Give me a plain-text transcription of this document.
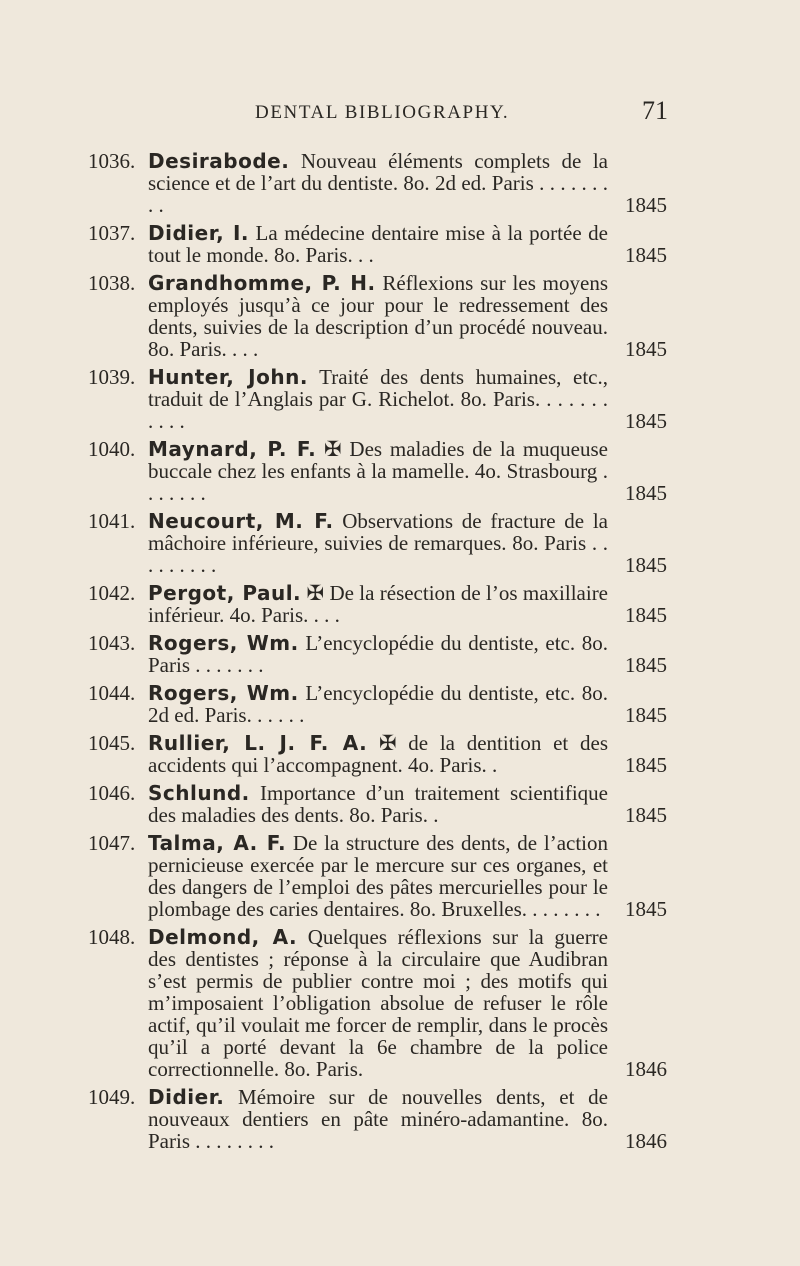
DENTAL BIBLIOGRAPHY.	71
1036. Desirabode. Nouveau éléments complets de la science et de l’art du dentiste. 8o. 2d ed. Paris . . . . . . . . .	1845
1037. Didier, I. La médecine dentaire mise à la portée de tout le monde. 8o. Paris. . .	1845
1038. Grandhomme, P. H. Réflexions sur les moyens employés jusqu’à ce jour pour le redressement des dents, suivies de la description d’un procédé nouveau. 8o. Paris. . . .	1845
1039. Hunter, John. Traité des dents humaines, etc., traduit de l’Anglais par G. Richelot. 8o. Paris. . . . . . . . . . .	1845
1040. Maynard, P. F. ✠ Des maladies de la muqueuse buccale chez les enfants à la mamelle. 4o. Strasbourg . . . . . . .	1845
1041. Neucourt, M. F. Observations de fracture de la mâchoire inférieure, suivies de remarques. 8o. Paris . . . . . . . . .	1845
1042. Pergot, Paul. ✠ De la résection de l’os maxillaire inférieur. 4o. Paris. . . .	1845
1043. Rogers, Wm. L’encyclopédie du dentiste, etc. 8o. Paris . . . . . . .	1845
1044. Rogers, Wm. L’encyclopédie du dentiste, etc. 8o. 2d ed. Paris. . . . . .	1845
1045. Rullier, L. J. F. A. ✠ de la dentition et des accidents qui l’accompagnent. 4o. Paris. .	1845
1046. Schlund. Importance d’un traitement scientifique des maladies des dents. 8o. Paris. .	1845
1047. Talma, A. F. De la structure des dents, de l’action pernicieuse exercée par le mercure sur ces organes, et des dangers de l’emploi des pâtes mercurielles pour le plombage des caries dentaires. 8o. Bruxelles. . . . . . . .	1845
1048. Delmond, A. Quelques réflexions sur la guerre des dentistes ; réponse à la circulaire que Audibran s’est permis de publier contre moi ; des motifs qui m’imposaient l’obligation absolue de refuser le rôle actif, qu’il voulait me forcer de remplir, dans le procès qu’il a porté devant la 6e chambre de la police correctionnelle. 8o. Paris.	1846
1049. Didier. Mémoire sur de nouvelles dents, et de nouveaux dentiers en pâte minéro-adamantine. 8o. Paris . . . . . . . .	1846
